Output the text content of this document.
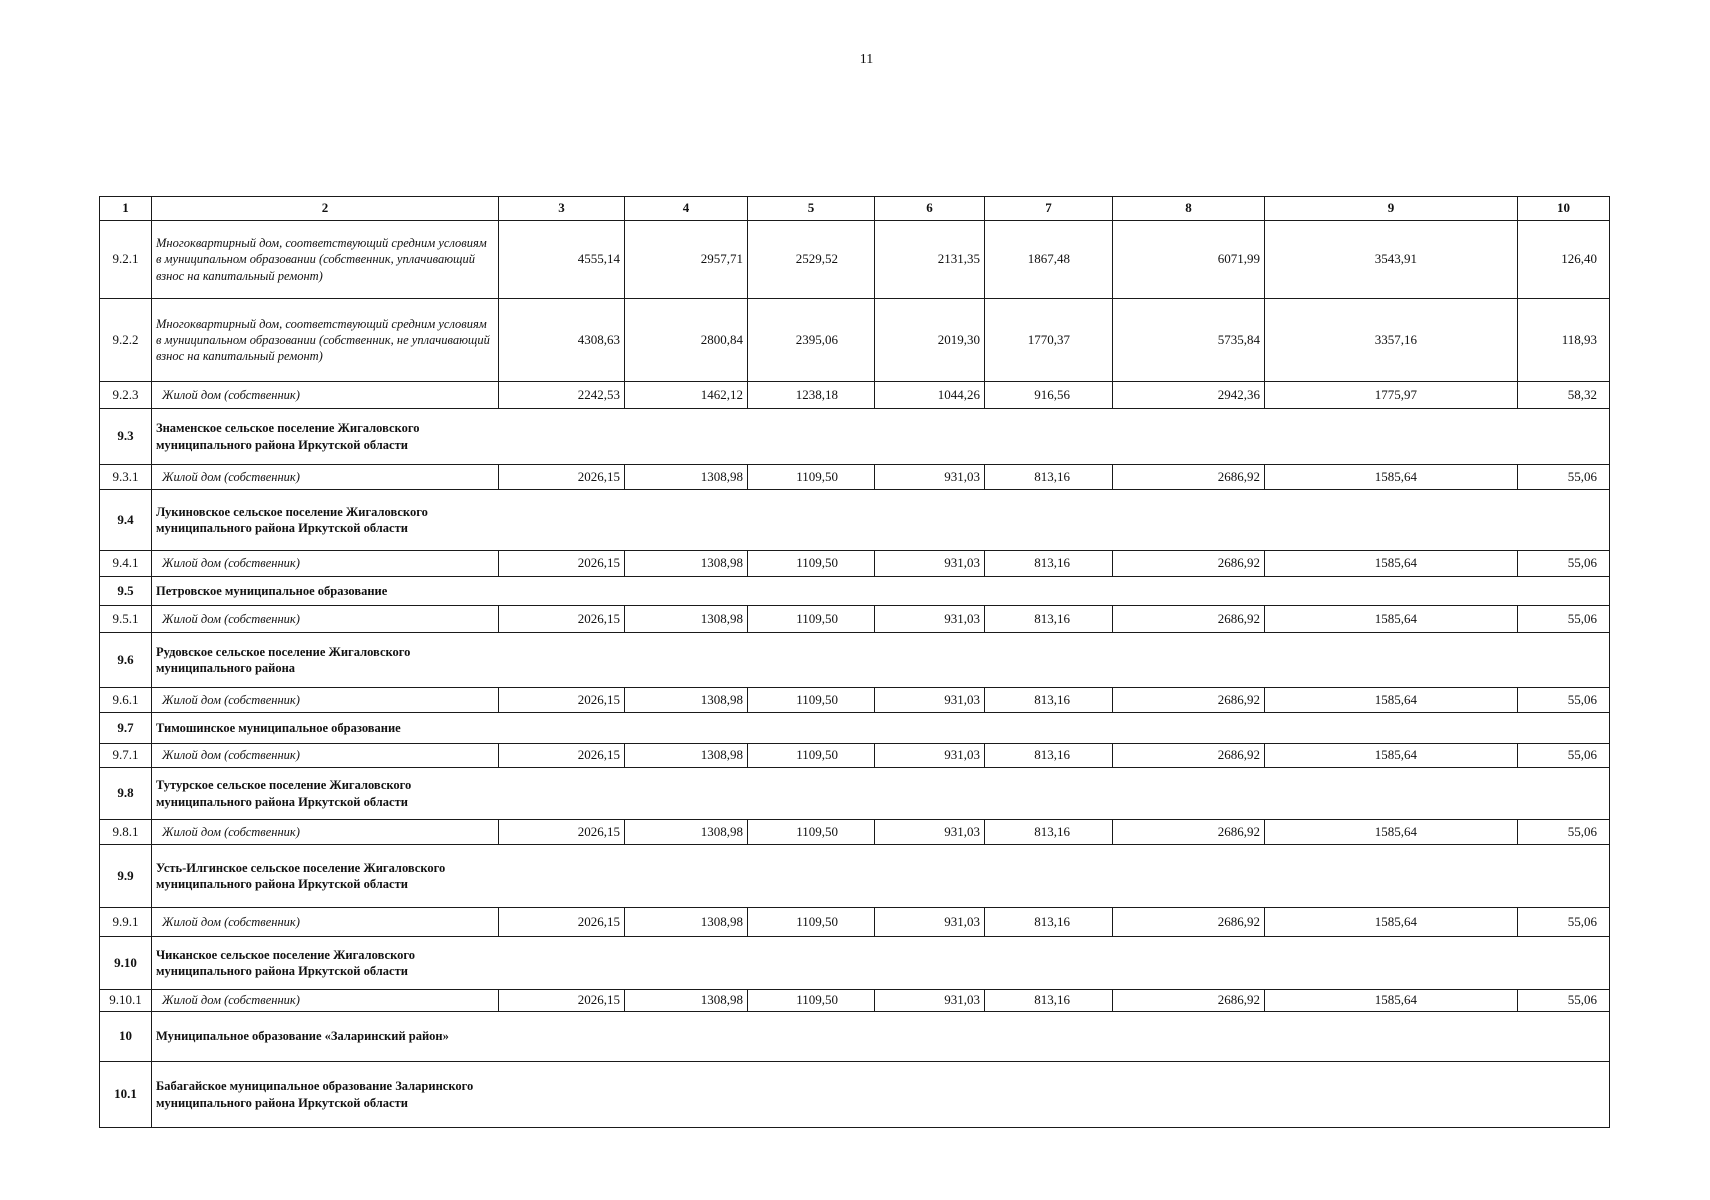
11
1	2	3	4	5	6	7	8	9	10
9.2.1	Многоквартирный дом, соответствующий средним условиям в муниципальном образовании (собственник, уплачивающий взнос на капитальный ремонт)	4555,14	2957,71	2529,52	2131,35	1867,48	6071,99	3543,91	126,40
9.2.2	Многоквартирный дом, соответствующий средним условиям в муниципальном образовании (собственник, не уплачивающий взнос на капитальный ремонт)	4308,63	2800,84	2395,06	2019,30	1770,37	5735,84	3357,16	118,93
9.2.3	Жилой дом (собственник)	2242,53	1462,12	1238,18	1044,26	916,56	2942,36	1775,97	58,32
9.3	Знаменское сельское поселение Жигаловского муниципального района Иркутской области								

9.3.1	Жилой дом (собственник)	2026,15	1308,98	1109,50	931,03	813,16	2686,92	1585,64	55,06
9.4	Лукиновское сельское поселение Жигаловского муниципального района Иркутской области								

9.4.1	Жилой дом (собственник)	2026,15	1308,98	1109,50	931,03	813,16	2686,92	1585,64	55,06
9.5	Петровское муниципальное образование								

9.5.1	Жилой дом (собственник)	2026,15	1308,98	1109,50	931,03	813,16	2686,92	1585,64	55,06
9.6	Рудовское сельское поселение Жигаловского муниципального района								

9.6.1	Жилой дом (собственник)	2026,15	1308,98	1109,50	931,03	813,16	2686,92	1585,64	55,06
9.7	Тимошинское муниципальное образование								

9.7.1	Жилой дом (собственник)	2026,15	1308,98	1109,50	931,03	813,16	2686,92	1585,64	55,06
9.8	Тутурское сельское поселение Жигаловского муниципального района Иркутской области								

9.8.1	Жилой дом (собственник)	2026,15	1308,98	1109,50	931,03	813,16	2686,92	1585,64	55,06
9.9	Усть-Илгинское сельское поселение Жигаловского муниципального района Иркутской области								

9.9.1	Жилой дом (собственник)	2026,15	1308,98	1109,50	931,03	813,16	2686,92	1585,64	55,06
9.10	Чиканское сельское поселение Жигаловского муниципального района Иркутской области								

9.10.1	Жилой дом (собственник)	2026,15	1308,98	1109,50	931,03	813,16	2686,92	1585,64	55,06
10	Муниципальное образование «Заларинский район»								

10.1	Бабагайское муниципальное образование Заларинского муниципального района Иркутской области								
